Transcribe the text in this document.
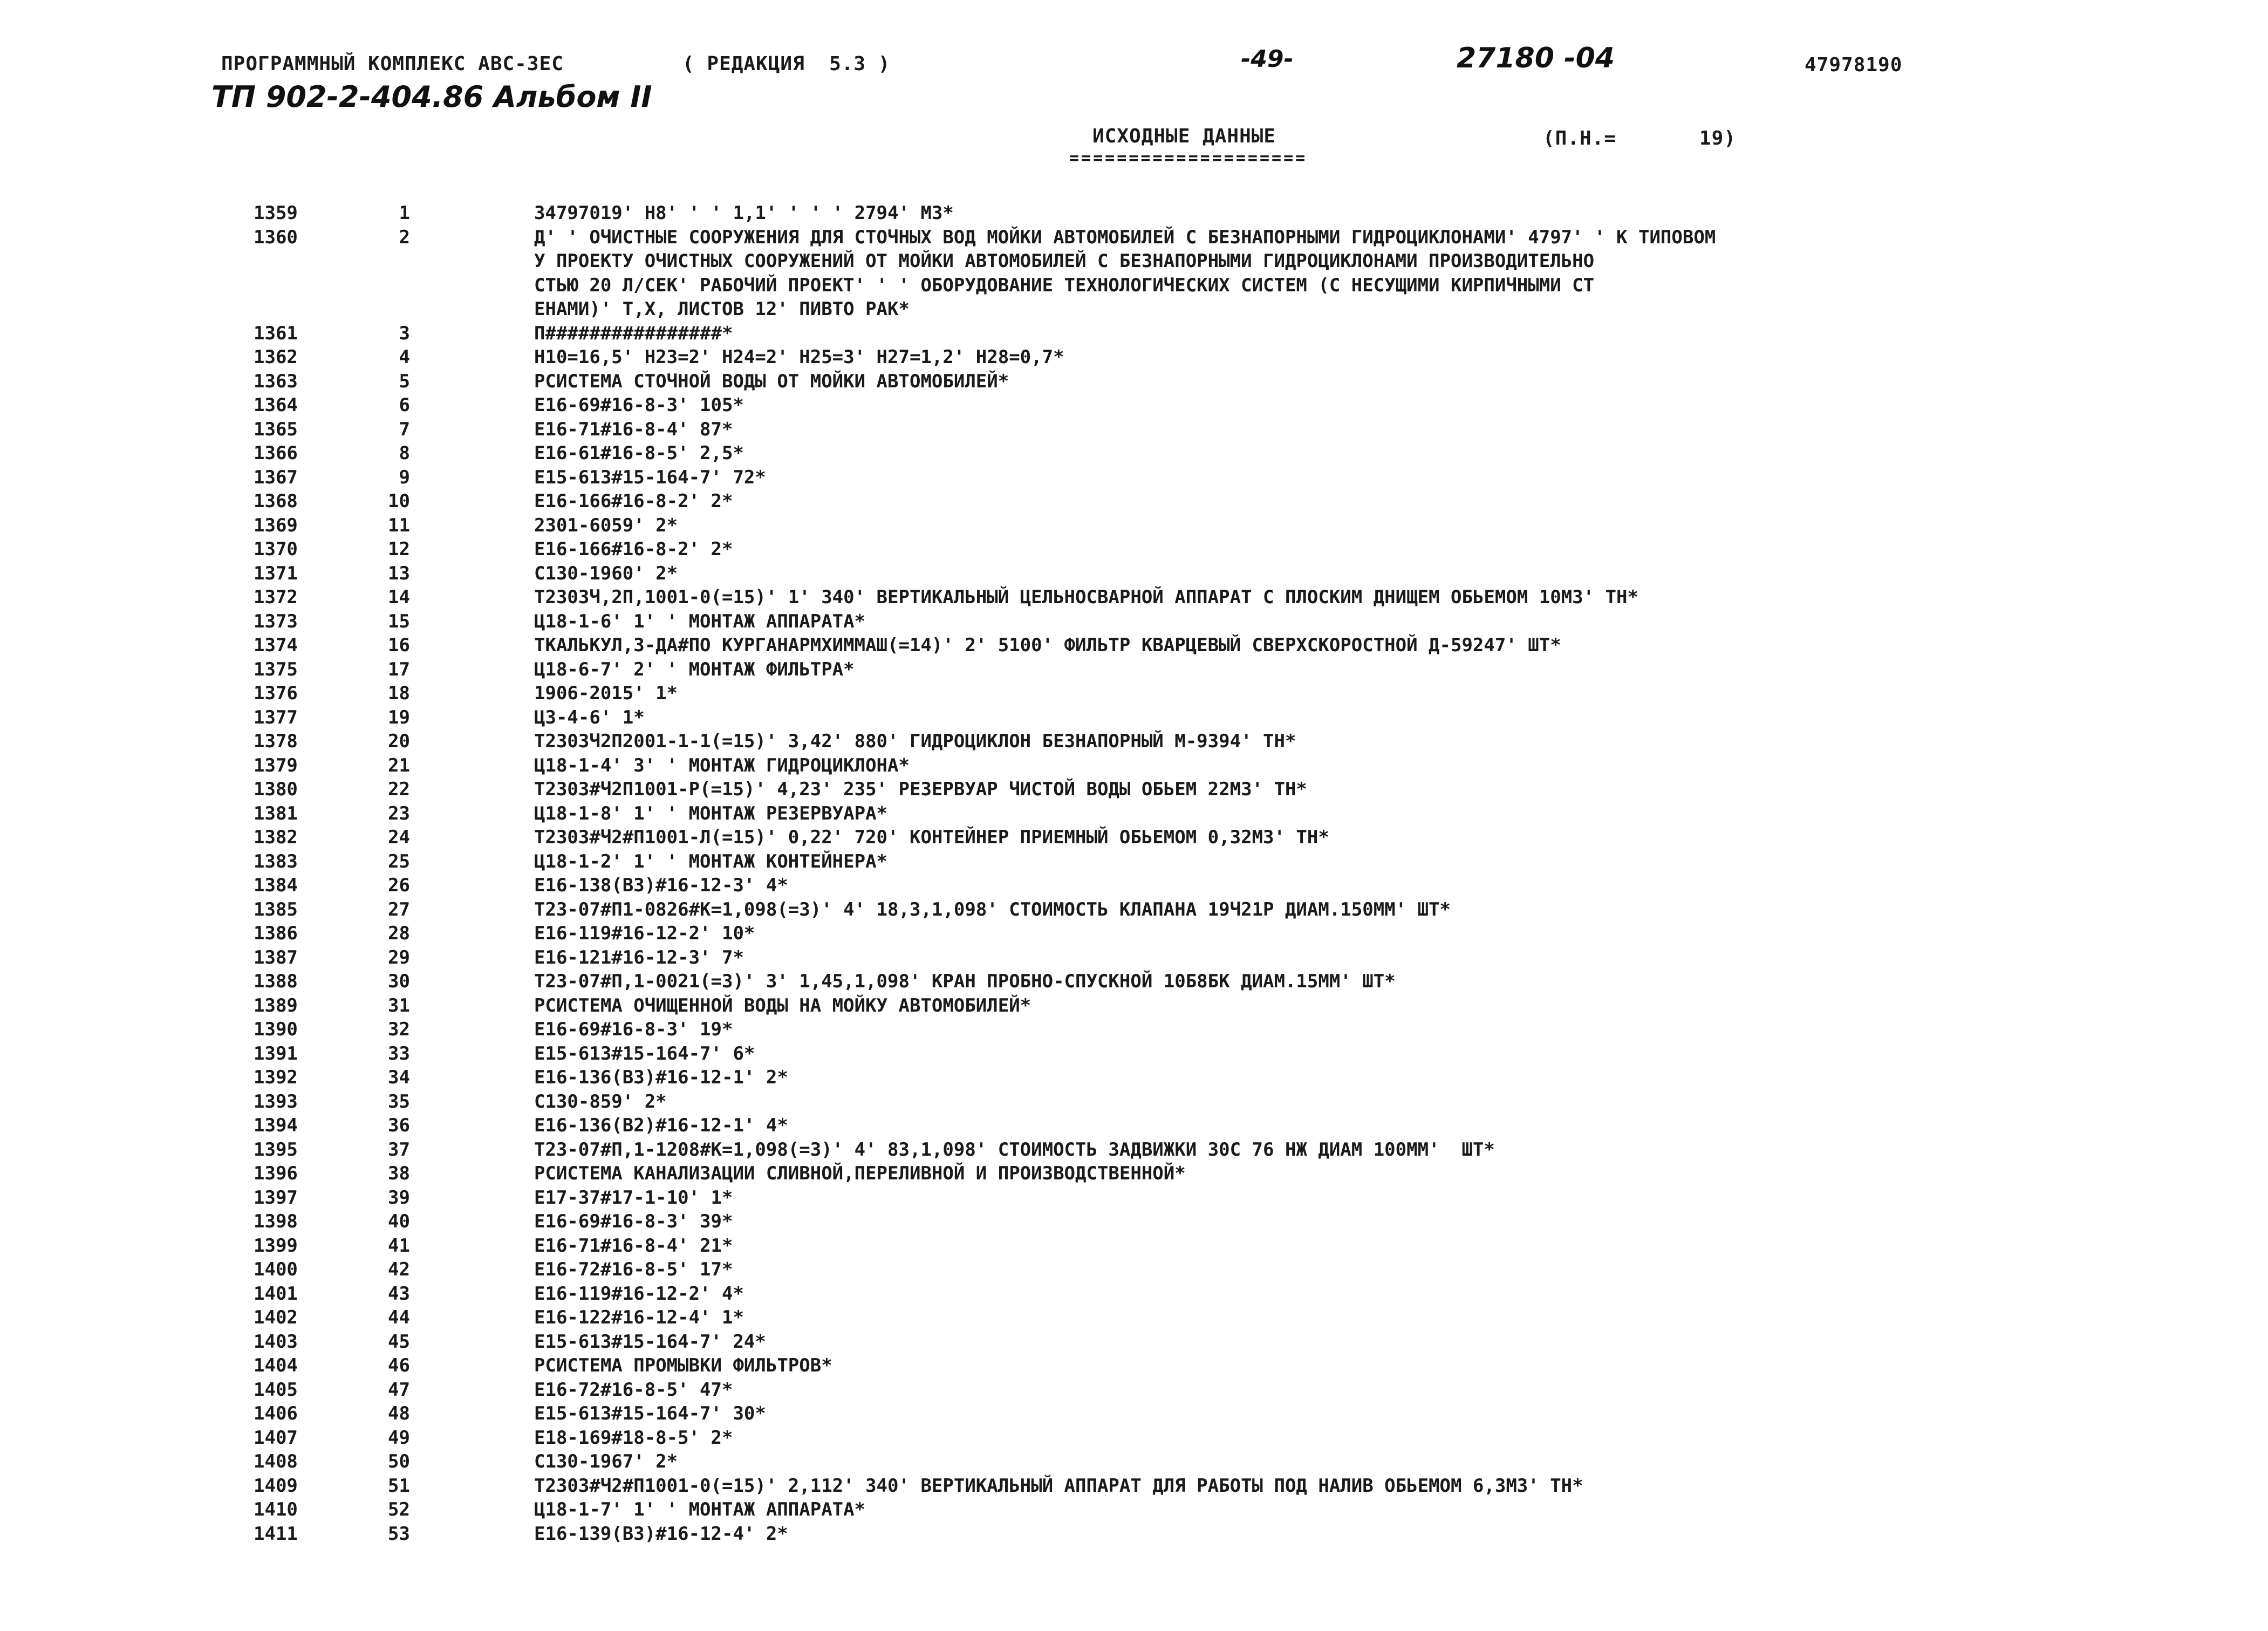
ПРОГРАММНЫЙ КОМПЛЕКС АВС-ЗЕС	( РЕДАКЦИЯ  5.3 )	-49-	27180 -04	47978190
ТП 902-2-404.86 Альбом II
ИСХОДНЫЕ ДАННЫЕ
====================
(П.Н.=	19)
1359	1	34797019' Н8' ' ' 1,1' ' ' ' 2794' М3*
1360	2	Д' ' ОЧИСТНЫЕ СООРУЖЕНИЯ ДЛЯ СТОЧНЫХ ВОД МОЙКИ АВТОМОБИЛЕЙ С БЕЗНАПОРНЫМИ ГИДРОЦИКЛОНАМИ' 4797' ' К ТИПОВОМ
У ПРОЕКТУ ОЧИСТНЫХ СООРУЖЕНИЙ ОТ МОЙКИ АВТОМОБИЛЕЙ С БЕЗНАПОРНЫМИ ГИДРОЦИКЛОНАМИ ПРОИЗВОДИТЕЛЬНО
СТЬЮ 20 Л/СЕК' РАБОЧИЙ ПРОЕКТ' ' ' ОБОРУДОВАНИЕ ТЕХНОЛОГИЧЕСКИХ СИСТЕМ (С НЕСУЩИМИ КИРПИЧНЫМИ СТ
ЕНАМИ)' Т,Х, ЛИСТОВ 12' ПИВТО РАК*
1361	3	П################*
1362	4	Н10=16,5' Н23=2' Н24=2' Н25=3' Н27=1,2' Н28=0,7*
1363	5	РСИСТЕМА СТОЧНОЙ ВОДЫ ОТ МОЙКИ АВТОМОБИЛЕЙ*
1364	6	Е16-69#16-8-3' 105*
1365	7	Е16-71#16-8-4' 87*
1366	8	Е16-61#16-8-5' 2,5*
1367	9	Е15-613#15-164-7' 72*
1368	10	Е16-166#16-8-2' 2*
1369	11	2301-6059' 2*
1370	12	Е16-166#16-8-2' 2*
1371	13	С130-1960' 2*
1372	14	Т2303Ч,2П,1001-0(=15)' 1' 340' ВЕРТИКАЛЬНЫЙ ЦЕЛЬНОСВАРНОЙ АППАРАТ С ПЛОСКИМ ДНИЩЕМ ОБЬЕМОМ 10М3' ТН*
1373	15	Ц18-1-6' 1' ' МОНТАЖ АППАРАТА*
1374	16	ТКАЛЬКУЛ,3-ДА#ПО КУРГАНАРМХИММАШ(=14)' 2' 5100' ФИЛЬТР КВАРЦЕВЫЙ СВЕРХСКОРОСТНОЙ Д-59247' ШТ*
1375	17	Ц18-6-7' 2' ' МОНТАЖ ФИЛЬТРА*
1376	18	1906-2015' 1*
1377	19	Ц3-4-6' 1*
1378	20	Т2303Ч2П2001-1-1(=15)' 3,42' 880' ГИДРОЦИКЛОН БЕЗНАПОРНЫЙ М-9394' ТН*
1379	21	Ц18-1-4' 3' ' МОНТАЖ ГИДРОЦИКЛОНА*
1380	22	Т2303#Ч2П1001-Р(=15)' 4,23' 235' РЕЗЕРВУАР ЧИСТОЙ ВОДЫ ОБЬЕМ 22М3' ТН*
1381	23	Ц18-1-8' 1' ' МОНТАЖ РЕЗЕРВУАРА*
1382	24	Т2303#Ч2#П1001-Л(=15)' 0,22' 720' КОНТЕЙНЕР ПРИЕМНЫЙ ОБЬЕМОМ 0,32М3' ТН*
1383	25	Ц18-1-2' 1' ' МОНТАЖ КОНТЕЙНЕРА*
1384	26	Е16-138(В3)#16-12-3' 4*
1385	27	Т23-07#П1-0826#К=1,098(=3)' 4' 18,3,1,098' СТОИМОСТЬ КЛАПАНА 19Ч21Р ДИАМ.150ММ' ШТ*
1386	28	Е16-119#16-12-2' 10*
1387	29	Е16-121#16-12-3' 7*
1388	30	Т23-07#П,1-0021(=3)' 3' 1,45,1,098' КРАН ПРОБНО-СПУСКНОЙ 10Б8БК ДИАМ.15ММ' ШТ*
1389	31	РСИСТЕМА ОЧИЩЕННОЙ ВОДЫ НА МОЙКУ АВТОМОБИЛЕЙ*
1390	32	Е16-69#16-8-3' 19*
1391	33	Е15-613#15-164-7' 6*
1392	34	Е16-136(В3)#16-12-1' 2*
1393	35	С130-859' 2*
1394	36	Е16-136(В2)#16-12-1' 4*
1395	37	Т23-07#П,1-1208#К=1,098(=3)' 4' 83,1,098' СТОИМОСТЬ ЗАДВИЖКИ 30С 76 НЖ ДИАМ 100ММ'  ШТ*
1396	38	РСИСТЕМА КАНАЛИЗАЦИИ СЛИВНОЙ,ПЕРЕЛИВНОЙ И ПРОИЗВОДСТВЕННОЙ*
1397	39	Е17-37#17-1-10' 1*
1398	40	Е16-69#16-8-3' 39*
1399	41	Е16-71#16-8-4' 21*
1400	42	Е16-72#16-8-5' 17*
1401	43	Е16-119#16-12-2' 4*
1402	44	Е16-122#16-12-4' 1*
1403	45	Е15-613#15-164-7' 24*
1404	46	РСИСТЕМА ПРОМЫВКИ ФИЛЬТРОВ*
1405	47	Е16-72#16-8-5' 47*
1406	48	Е15-613#15-164-7' 30*
1407	49	Е18-169#18-8-5' 2*
1408	50	С130-1967' 2*
1409	51	Т2303#Ч2#П1001-0(=15)' 2,112' 340' ВЕРТИКАЛЬНЫЙ АППАРАТ ДЛЯ РАБОТЫ ПОД НАЛИВ ОБЬЕМОМ 6,3М3' ТН*
1410	52	Ц18-1-7' 1' ' МОНТАЖ АППАРАТА*
1411	53	Е16-139(В3)#16-12-4' 2*
